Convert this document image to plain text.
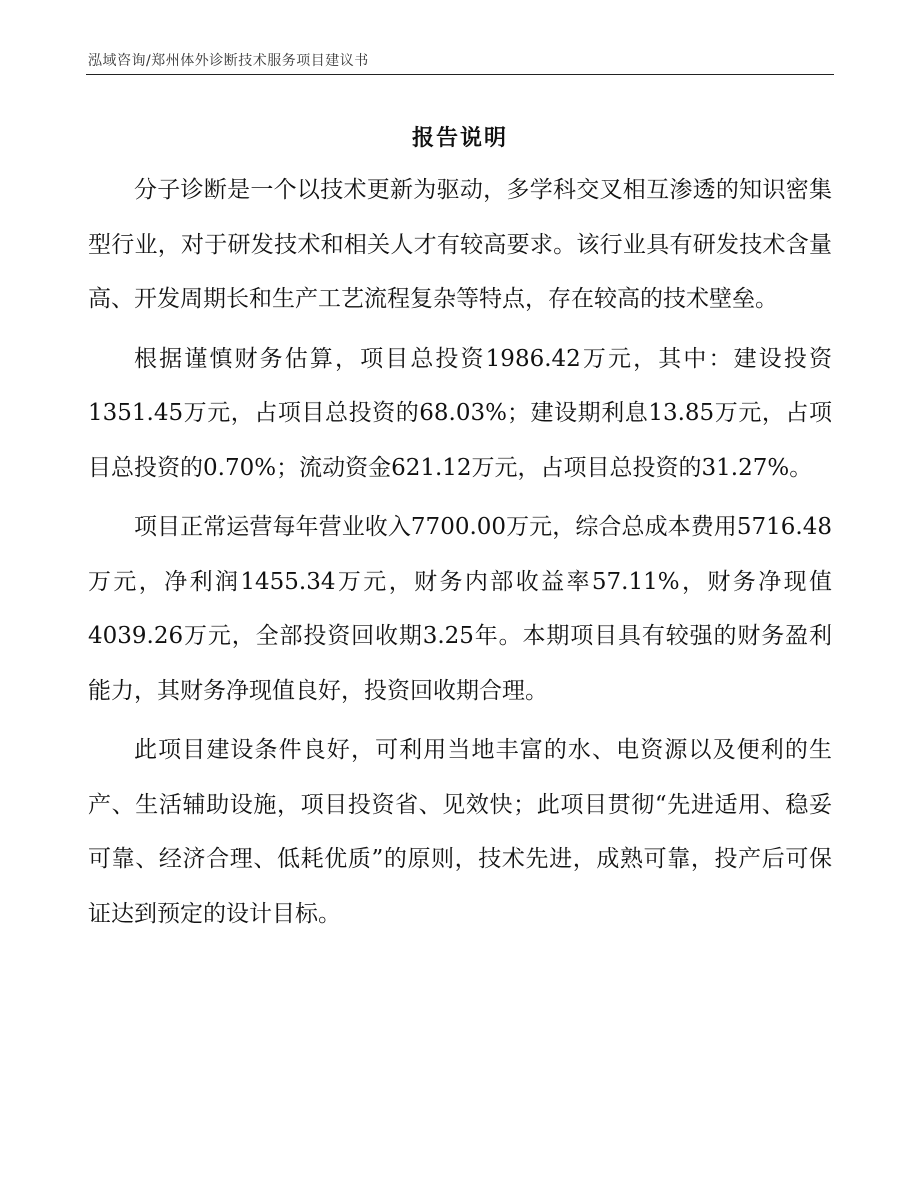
泓域咨询/郑州体外诊断技术服务项目建议书
报告说明

分子诊断是一个以技术更新为驱动，多学科交叉相互渗透的知识密集型行业，对于研发技术和相关人才有较高要求。该行业具有研发技术含量高、开发周期长和生产工艺流程复杂等特点，存在较高的技术壁垒。

根据谨慎财务估算，项目总投资1986.42万元，其中：建设投资1351.45万元，占项目总投资的68.03%；建设期利息13.85万元，占项目总投资的0.70%；流动资金621.12万元，占项目总投资的31.27%。

项目正常运营每年营业收入7700.00万元，综合总成本费用5716.48万元，净利润1455.34万元，财务内部收益率57.11%，财务净现值4039.26万元，全部投资回收期3.25年。本期项目具有较强的财务盈利能力，其财务净现值良好，投资回收期合理。

此项目建设条件良好，可利用当地丰富的水、电资源以及便利的生产、生活辅助设施，项目投资省、见效快；此项目贯彻“先进适用、稳妥可靠、经济合理、低耗优质”的原则，技术先进，成熟可靠，投产后可保证达到预定的设计目标。
